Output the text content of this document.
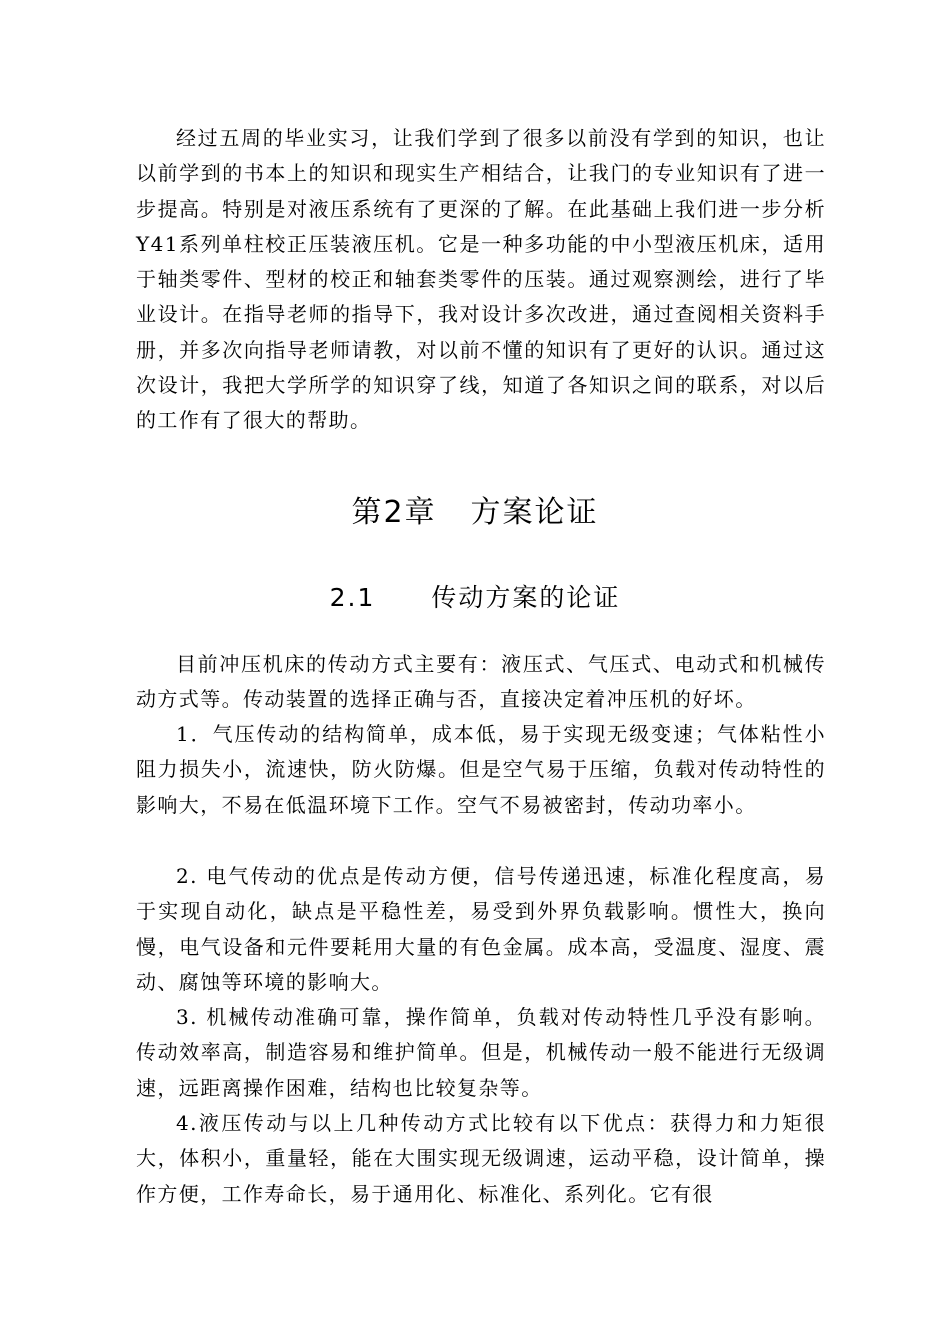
经过五周的毕业实习，让我们学到了很多以前没有学到的知识，也让以前学到的书本上的知识和现实生产相结合，让我门的专业知识有了进一步提高。特别是对液压系统有了更深的了解。在此基础上我们进一步分析Y41系列单柱校正压装液压机。它是一种多功能的中小型液压机床，适用于轴类零件、型材的校正和轴套类零件的压装。通过观察测绘，进行了毕业设计。在指导老师的指导下，我对设计多次改进，通过查阅相关资料手册，并多次向指导老师请教，对以前不懂的知识有了更好的认识。通过这次设计，我把大学所学的知识穿了线，知道了各知识之间的联系，对以后的工作有了很大的帮助。

第2章 方案论证
2.1 传动方案的论证

目前冲压机床的传动方式主要有：液压式、气压式、电动式和机械传动方式等。传动装置的选择正确与否，直接决定着冲压机的好坏。

1．气压传动的结构简单，成本低，易于实现无级变速；气体粘性小阻力损失小，流速快，防火防爆。但是空气易于压缩，负载对传动特性的影响大，不易在低温环境下工作。空气不易被密封，传动功率小。

2. 电气传动的优点是传动方便，信号传递迅速，标准化程度高，易于实现自动化，缺点是平稳性差，易受到外界负载影响。惯性大，换向慢，电气设备和元件要耗用大量的有色金属。成本高，受温度、湿度、震动、腐蚀等环境的影响大。

3. 机械传动准确可靠，操作简单，负载对传动特性几乎没有影响。传动效率高，制造容易和维护简单。但是，机械传动一般不能进行无级调速，远距离操作困难，结构也比较复杂等。

4.液压传动与以上几种传动方式比较有以下优点：获得力和力矩很大，体积小，重量轻，能在大围实现无级调速，运动平稳，设计简单，操作方便，工作寿命长，易于通用化、标准化、系列化。它有很
